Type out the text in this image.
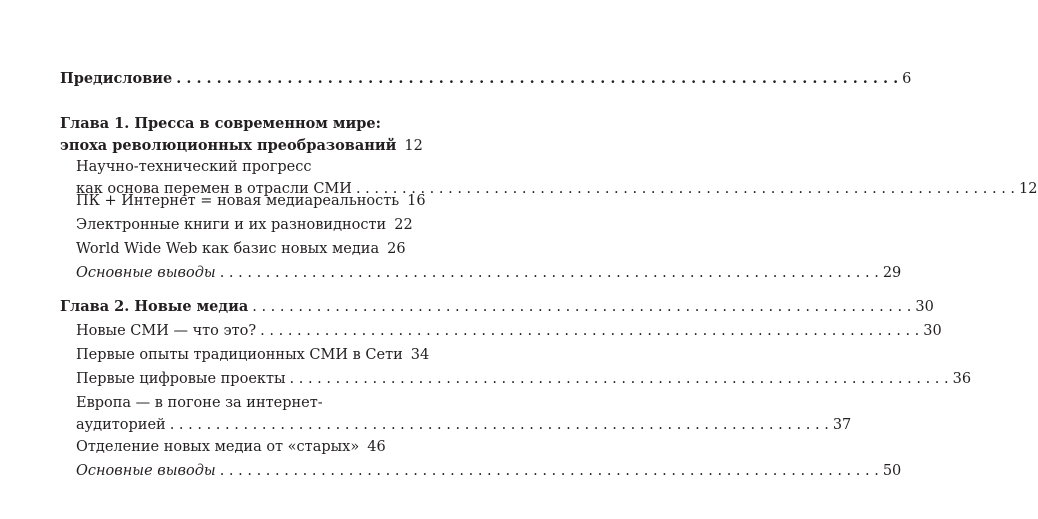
Предисловие . . .	6
Глава 1. Пресса в современном мире:
эпоха революционных преобразований 12
Научно-технический прогресс
как основа перемен в отрасли СМИ . . .	12
ПК + Интернет = новая медиареальность 16
Электронные книги и их разновидности 22
World Wide Web как базис новых медиа 26
Основные выводы . . .	29
Глава 2. Новые медиа . . .	30
Новые СМИ — что это? . . .	30
Первые опыты традиционных СМИ в Сети 34
Первые цифровые проекты . . .	36
Европа — в погоне за интернет-
аудиторией . . .	37
Отделение новых медиа от «старых» 46
Основные выводы . . .	50
